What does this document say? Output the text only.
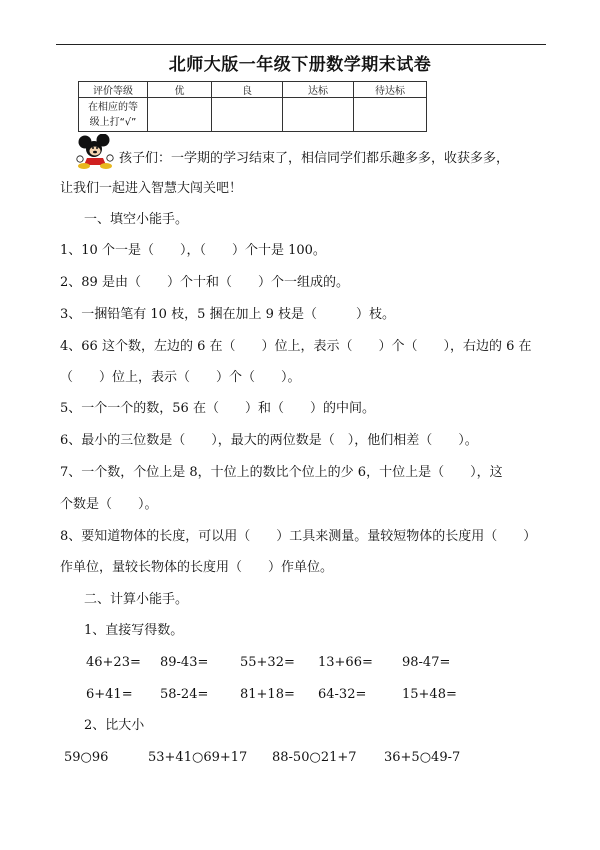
北师大版一年级下册数学期末试卷
评价等级	优	良	达标	待达标

在相应的等
级上打“√”				

孩子们：一学期的学习结束了，相信同学们都乐趣多多，收获多多，
让我们一起进入智慧大闯关吧！
一、填空小能手。
1、10 个一是（　　），（　　）个十是 100。
2、89 是由（　　）个十和（　　）个一组成的。
3、一捆铅笔有 10 枝，5 捆在加上 9 枝是（　　　）枝。
4、66 这个数，左边的 6 在（　　）位上，表示（　　）个（　　），右边的 6 在
（　　）位上，表示（　　）个（　　）。
5、一个一个的数，56 在（　　）和（　　）的中间。
6、最小的三位数是（　　），最大的两位数是（　），他们相差（　　）。
7、一个数，个位上是 8，十位上的数比个位上的少 6，十位上是（　　），这
个数是（　　）。
8、要知道物体的长度，可以用（　　）工具来测量。量较短物体的长度用（　　）
作单位，量较长物体的长度用（　　）作单位。
二、计算小能手。
1、直接写得数。
46+23= 89-43= 55+32= 13+66= 98-47=
6+41= 58-24= 81+18= 64-32=	15+48=
2、比大小
59○96	53+41○69+17 88-50○21+7 36+5○49-7
